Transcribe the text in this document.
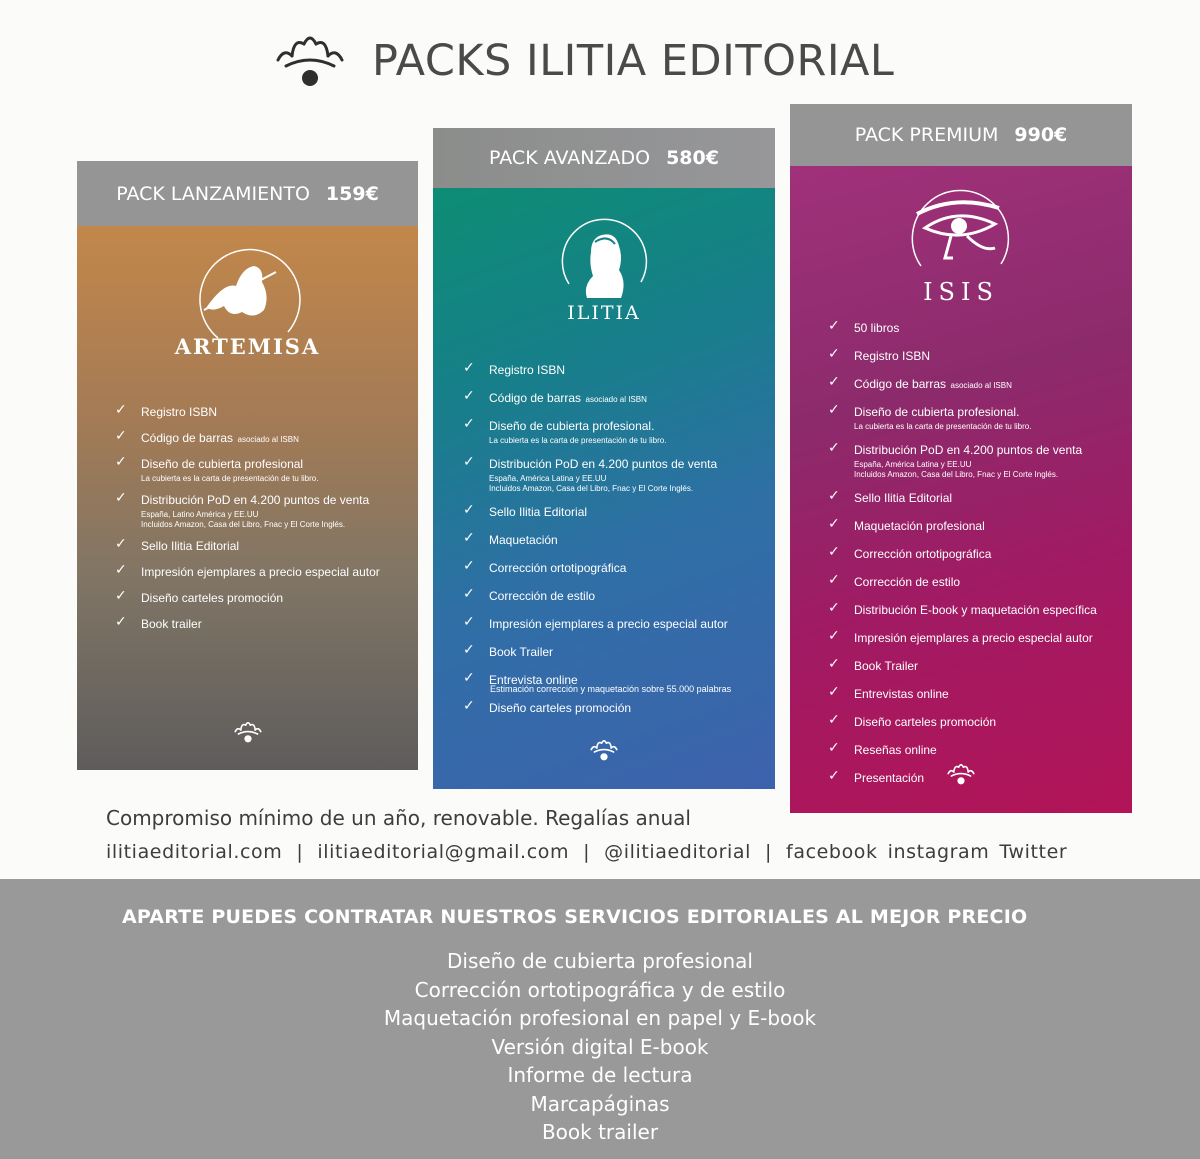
PACKS ILITIA EDITORIAL
PACK LANZAMIENTO 159€
ARTEMISA
✓ Registro ISBN
✓ Código de barras asociado al ISBN
✓ Diseño de cubierta profesional
La cubierta es la carta de presentación de tu libro.
✓ Distribución PoD en 4.200 puntos de venta
España, Latino América y EE.UU
Incluidos Amazon, Casa del Libro, Fnac y El Corte Inglés.
✓ Sello Ilitia Editorial
✓ Impresión ejemplares a precio especial autor
✓ Diseño carteles promoción
✓ Book trailer
PACK AVANZADO 580€
ILITIA
✓ Registro ISBN
✓ Código de barras asociado al ISBN
✓ Diseño de cubierta profesional.
La cubierta es la carta de presentación de tu libro.
✓ Distribución PoD en 4.200 puntos de venta
España, América Latina y EE.UU
Incluidos Amazon, Casa del Libro, Fnac y El Corte Inglés.
✓ Sello Ilitia Editorial
✓ Maquetación
✓ Corrección ortotipográfica
✓ Corrección de estilo
✓ Impresión ejemplares a precio especial autor
✓ Book Trailer
✓ Entrevista online
✓ Diseño carteles promoción
Estimación corrección y maquetación sobre 55.000 palabras
PACK PREMIUM 990€
ISIS
✓ 50 libros
✓ Registro ISBN
✓ Código de barras asociado al ISBN
✓ Diseño de cubierta profesional.
La cubierta es la carta de presentación de tu libro.
✓ Distribución PoD en 4.200 puntos de venta
España, América Latina y EE.UU
Incluidos Amazon, Casa del Libro, Fnac y El Corte Inglés.
✓ Sello Ilitia Editorial
✓ Maquetación profesional
✓ Corrección ortotipográfica
✓ Corrección de estilo
✓ Distribución E-book y maquetación específica
✓ Impresión ejemplares a precio especial autor
✓ Book Trailer
✓ Entrevistas online
✓ Diseño carteles promoción
✓ Reseñas online
✓ Presentación
Compromiso mínimo de un año, renovable. Regalías anual
ilitiaeditorial.com | ilitiaeditorial@gmail.com | @ilitiaeditorial | facebook instagram Twitter
APARTE PUEDES CONTRATAR NUESTROS SERVICIOS EDITORIALES AL MEJOR PRECIO
Diseño de cubierta profesional
Corrección ortotipográfica y de estilo
Maquetación profesional en papel y E-book
Versión digital E-book
Informe de lectura
Marcapáginas
Book trailer
